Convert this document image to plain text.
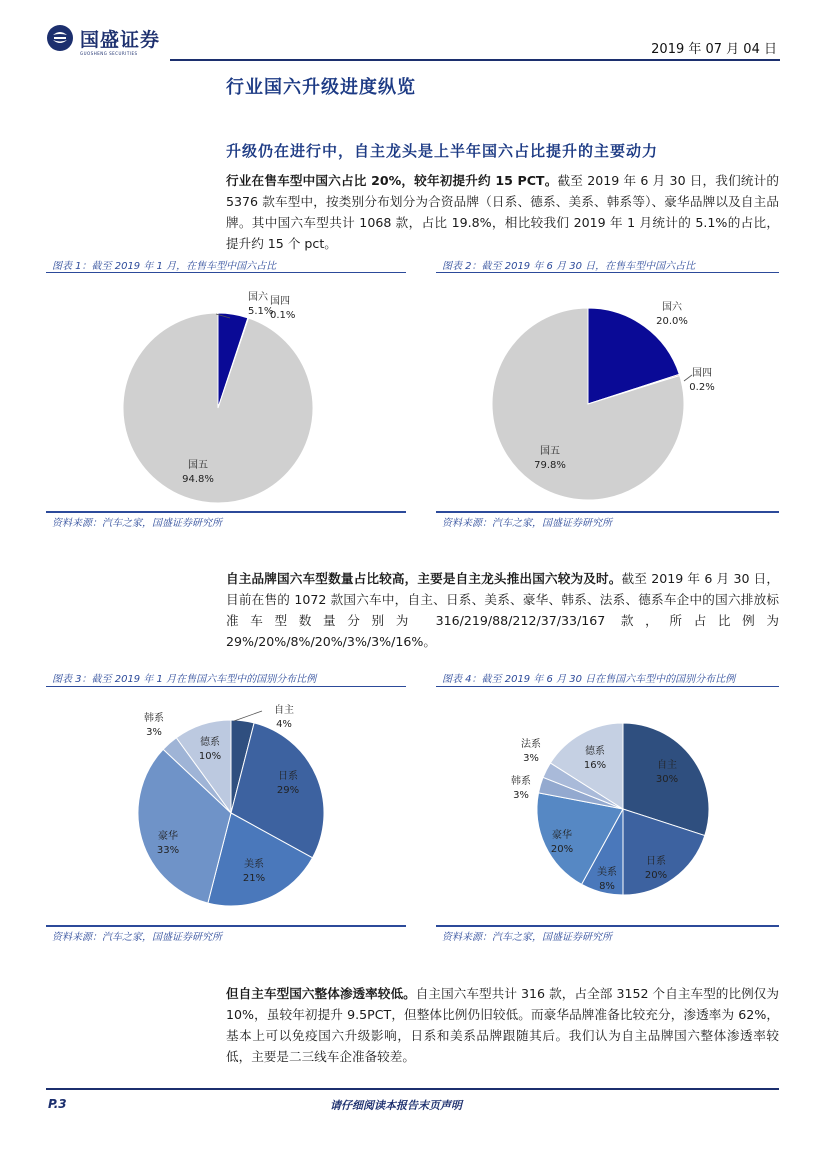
国盛证券
GUOSHENG SECURITIES	2019 年 07 月 04 日
行业国六升级进度纵览
升级仍在进行中，自主龙头是上半年国六占比提升的主要动力
行业在售车型中国六占比 20%，较年初提升约 15 PCT。截至 2019 年 6 月 30 日，我们统计的 5376 款车型中，按类别分布划分为合资品牌（日系、德系、美系、韩系等）、豪华品牌以及自主品牌。其中国六车型共计 1068 款，占比 19.8%，相比较我们 2019 年 1 月统计的 5.1%的占比，提升约 15 个 pct。
图表 1：截至 2019 年 1 月，在售车型中国六占比	图表 2：截至 2019 年 6 月 30 日，在售车型中国六占比
国六
5.1%
国四
0.1%
国五
94.8%
国六
20.0%
国四
0.2%
国五
79.8%
资料来源：汽车之家，国盛证券研究所	资料来源：汽车之家，国盛证券研究所
自主品牌国六车型数量占比较高，主要是自主龙头推出国六较为及时。截至 2019 年 6 月 30 日，目前在售的 1072 款国六车中，自主、日系、美系、豪华、韩系、法系、德系车企中的国六排放标准车型数量分别为 316/219/88/212/37/33/167 款，所占比例为 29%/20%/8%/20%/3%/3%/16%。
图表 3：截至 2019 年 1 月在售国六车型中的国别分布比例	图表 4：截至 2019 年 6 月 30 日在售国六车型中的国别分布比例
自主
4%
日系
29%
美系
21%
豪华
33%
韩系
3%
德系
10%
自主
30%
日系
20%
美系
8%
豪华
20%
韩系
3%
法系
3%
德系
16%
资料来源：汽车之家，国盛证券研究所	资料来源：汽车之家，国盛证券研究所
但自主车型国六整体渗透率较低。自主国六车型共计 316 款，占全部 3152 个自主车型的比例仅为 10%，虽较年初提升 9.5PCT，但整体比例仍旧较低。而豪华品牌准备比较充分，渗透率为 62%，基本上可以免疫国六升级影响，日系和美系品牌跟随其后。我们认为自主品牌国六整体渗透率较低，主要是二三线车企准备较差。
P.3	请仔细阅读本报告末页声明
